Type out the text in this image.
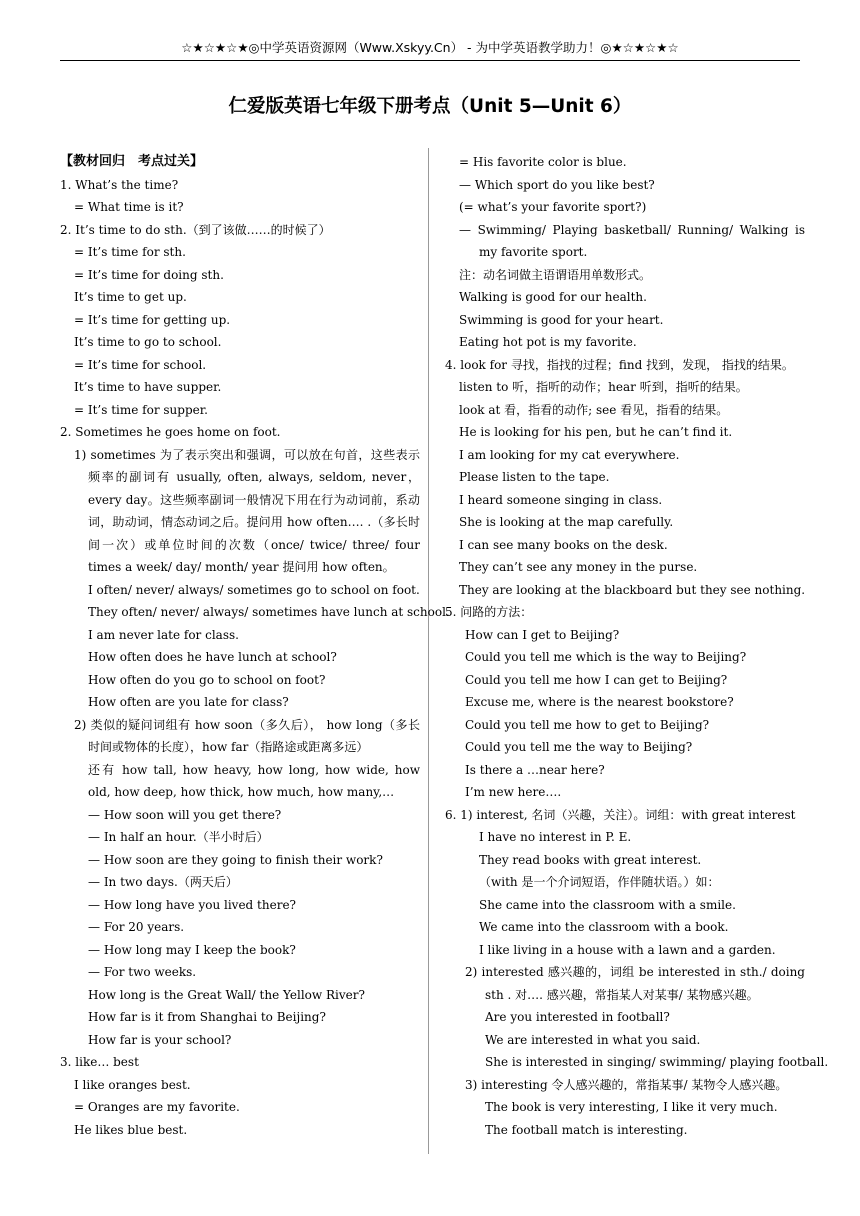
☆★☆★☆★◎中学英语资源网（Www.Xskyy.Cn） - 为中学英语教学助力！◎★☆★☆★☆
仁爱版英语七年级下册考点（Unit 5—Unit 6）
【教材回归　考点过关】
1. What’s the time?
= What time is it?
2. It’s time to do sth.（到了该做……的时候了）
= It’s time for sth.
= It’s time for doing sth.
It’s time to get up.
= It’s time for getting up.
It’s time to go to school.
= It’s time for school.
It’s time to have supper.
= It’s time for supper.
2. Sometimes he goes home on foot.
1) sometimes 为了表示突出和强调，可以放在句首，这些表示频率的副词有 usually, often, always, seldom, never， every day。这些频率副词一般情况下用在行为动词前，系动词，助动词，情态动词之后。提问用 how often…. .（多长时间一次）或单位时间的次数（once/ twice/ three/ four times a week/ day/ month/ year 提问用 how often。
I often/ never/ always/ sometimes go to school on foot.
They often/ never/ always/ sometimes have lunch at school.
I am never late for class.
How often does he have lunch at school?
How often do you go to school on foot?
How often are you late for class?
2) 类似的疑问词组有 how soon（多久后）， how long（多长时间或物体的长度），how far（指路途或距离多远）
还有 how tall, how heavy, how long, how wide, how old, how deep, how thick, how much, how many,…
— How soon will you get there?
— In half an hour.（半小时后）
— How soon are they going to finish their work?
— In two days.（两天后）
— How long have you lived there?
— For 20 years.
— How long may I keep the book?
— For two weeks.
How long is the Great Wall/ the Yellow River?
How far is it from Shanghai to Beijing?
How far is your school?
3. like… best
I like oranges best.
= Oranges are my favorite.
He likes blue best.
= His favorite color is blue.
— Which sport do you like best?
(= what’s your favorite sport?)
— Swimming/ Playing basketball/ Running/ Walking is my favorite sport.
注：动名词做主语谓语用单数形式。
Walking is good for our health.
Swimming is good for your heart.
Eating hot pot is my favorite.
4. look for 寻找，指找的过程；find 找到，发现， 指找的结果。
listen to 听，指听的动作；hear 听到，指听的结果。
look at 看，指看的动作; see 看见，指看的结果。
He is looking for his pen, but he can’t find it.
I am looking for my cat everywhere.
Please listen to the tape.
I heard someone singing in class.
She is looking at the map carefully.
I can see many books on the desk.
They can’t see any money in the purse.
They are looking at the blackboard but they see nothing.
5. 问路的方法：
How can I get to Beijing?
Could you tell me which is the way to Beijing?
Could you tell me how I can get to Beijing?
Excuse me, where is the nearest bookstore?
Could you tell me how to get to Beijing?
Could you tell me the way to Beijing?
Is there a …near here?
I’m new here….
6. 1) interest, 名词（兴趣，关注）。词组：with great interest
I have no interest in P. E.
They read books with great interest.
（with 是一个介词短语，作伴随状语。）如：
She came into the classroom with a smile.
We came into the classroom with a book.
I like living in a house with a lawn and a garden.
2) interested 感兴趣的，词组 be interested in sth./ doing sth . 对…. 感兴趣，常指某人对某事/ 某物感兴趣。
Are you interested in football?
We are interested in what you said.
She is interested in singing/ swimming/ playing football.
3) interesting 令人感兴趣的，常指某事/ 某物令人感兴趣。
The book is very interesting, I like it very much.
The football match is interesting.
